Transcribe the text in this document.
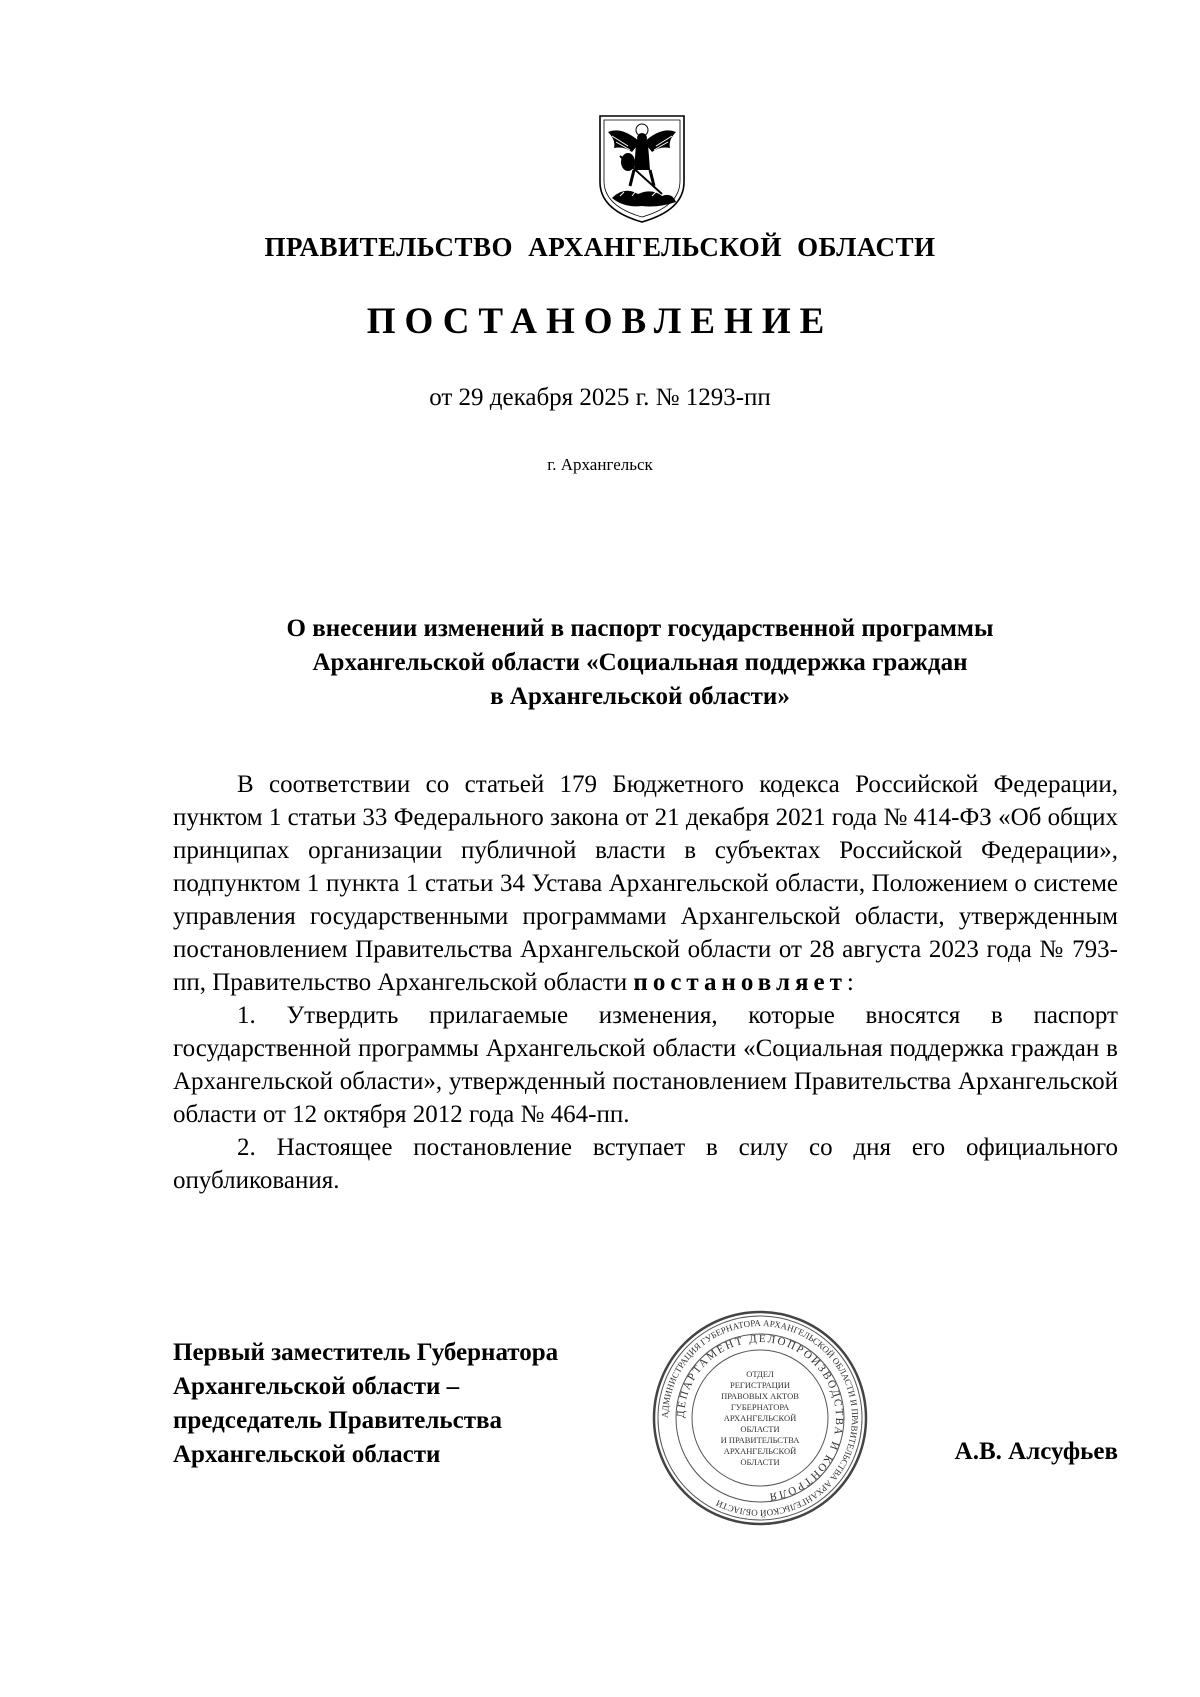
ПРАВИТЕЛЬСТВО АРХАНГЕЛЬСКОЙ ОБЛАСТИ
ПОСТАНОВЛЕНИЕ
от 29 декабря 2025 г. № 1293-пп
г. Архангельск
О внесении изменений в паспорт государственной программы
Архангельской области «Социальная поддержка граждан
в Архангельской области»

В соответствии со статьей 179 Бюджетного кодекса Российской Федерации, пунктом 1 статьи 33 Федерального закона от 21 декабря 2021 года № 414-ФЗ «Об общих принципах организации публичной власти в субъектах Российской Федерации», подпунктом 1 пункта 1 статьи 34 Устава Архангельской области, Положением о системе управления государственными программами Архангельской области, утвержденным постановлением Правительства Архангельской области от 28 августа 2023 года № 793-пп, Правительство Архангельской области постановляет:

1. Утвердить прилагаемые изменения, которые вносятся в паспорт государственной программы Архангельской области «Социальная поддержка граждан в Архангельской области», утвержденный постановлением Правительства Архангельской области от 12 октября 2012 года № 464-пп.

2. Настоящее постановление вступает в силу со дня его официального опубликования.

Первый заместитель Губернатора
Архангельской области –
председатель Правительства
Архангельской области
АДМИНИСТРАЦИЯ ГУБЕРНАТОРА АРХАНГЕЛЬСКОЙ ОБЛАСТИ И ПРАВИТЕЛЬСТВА АРХАНГЕЛЬСКОЙ ОБЛАСТИ
ДЕПАРТАМЕНТ ДЕЛОПРОИЗВОДСТВА И КОНТРОЛЯ
ОТДЕЛ
РЕГИСТРАЦИИ
ПРАВОВЫХ АКТОВ
ГУБЕРНАТОРА
АРХАНГЕЛЬСКОЙ
ОБЛАСТИ
И ПРАВИТЕЛЬСТВА
АРХАНГЕЛЬСКОЙ
ОБЛАСТИ	А.В. Алсуфьев
